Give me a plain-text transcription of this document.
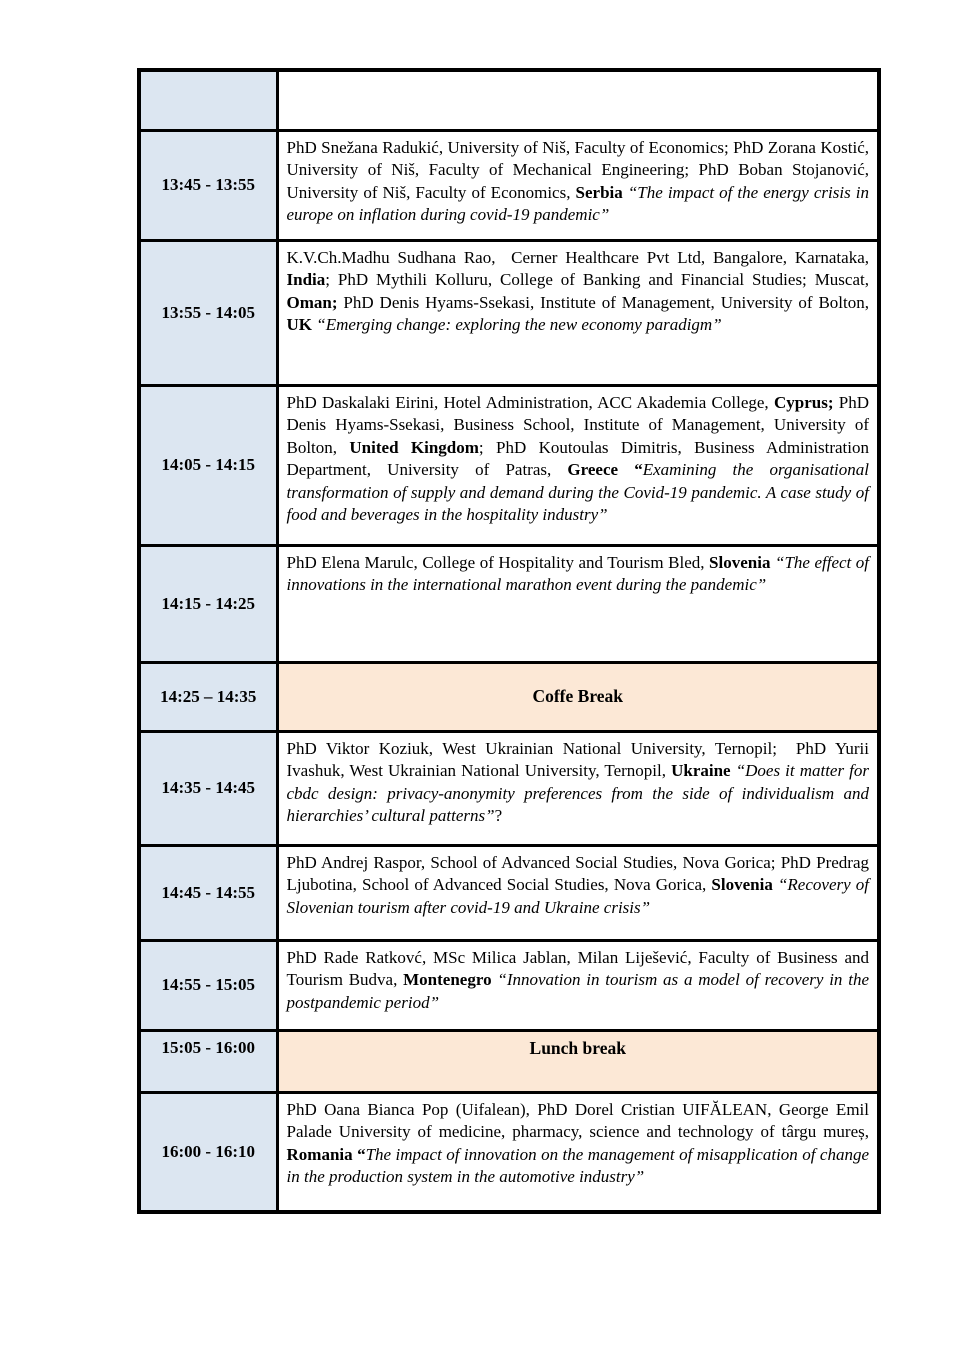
13:45 - 13:55	PhD Snežana Radukić, University of Niš, Faculty of Economics; PhD Zorana Kostić, University of Niš, Faculty of Mechanical Engineering; PhD Boban Stojanović, University of Niš, Faculty of Economics, Serbia “The impact of the energy crisis in europe on inflation during covid-19 pandemic”
13:55 - 14:05	K.V.Ch.Madhu Sudhana Rao,  Cerner Healthcare Pvt Ltd, Bangalore, Karnataka, India; PhD Mythili Kolluru, College of Banking and Financial Studies; Muscat, Oman; PhD Denis Hyams-Ssekasi, Institute of Management, University of Bolton, UK “Emerging change: exploring the new economy paradigm”
14:05 - 14:15	PhD Daskalaki Eirini, Hotel Administration, ACC Akademia College, Cyprus; PhD Denis Hyams-Ssekasi, Business School, Institute of Management, University of Bolton, United Kingdom; PhD Koutoulas Dimitris, Business Administration Department, University of Patras, Greece “Examining the organisational transformation of supply and demand during the Covid-19 pandemic. A case study of food and beverages in the hospitality industry”
14:15 - 14:25	PhD Elena Marulc, College of Hospitality and Tourism Bled, Slovenia “The effect of innovations in the international marathon event during the pandemic”
14:25 – 14:35	Coffe Break
14:35 - 14:45	PhD Viktor Koziuk, West Ukrainian National University, Ternopil;  PhD Yurii Ivashuk, West Ukrainian National University, Ternopil, Ukraine “Does it matter for cbdc design: privacy-anonymity preferences from the side of individualism and hierarchies’ cultural patterns”?
14:45 - 14:55	PhD Andrej Raspor, School of Advanced Social Studies, Nova Gorica; PhD Predrag Ljubotina, School of Advanced Social Studies, Nova Gorica, Slovenia “Recovery of Slovenian tourism after covid-19 and Ukraine crisis”
14:55 - 15:05	PhD Rade Ratkovć, MSc Milica Jablan, Milan Liješević, Faculty of Business and Tourism Budva, Montenegro “Innovation in tourism as a model of recovery in the postpandemic period”
15:05 - 16:00	Lunch break
16:00 - 16:10	PhD Oana Bianca Pop (Uifalean), PhD Dorel Cristian UIFĂLEAN, George Emil Palade University of medicine, pharmacy, science and technology of târgu mureș, Romania “The impact of innovation on the management of misapplication of change in the production system in the automotive industry”
